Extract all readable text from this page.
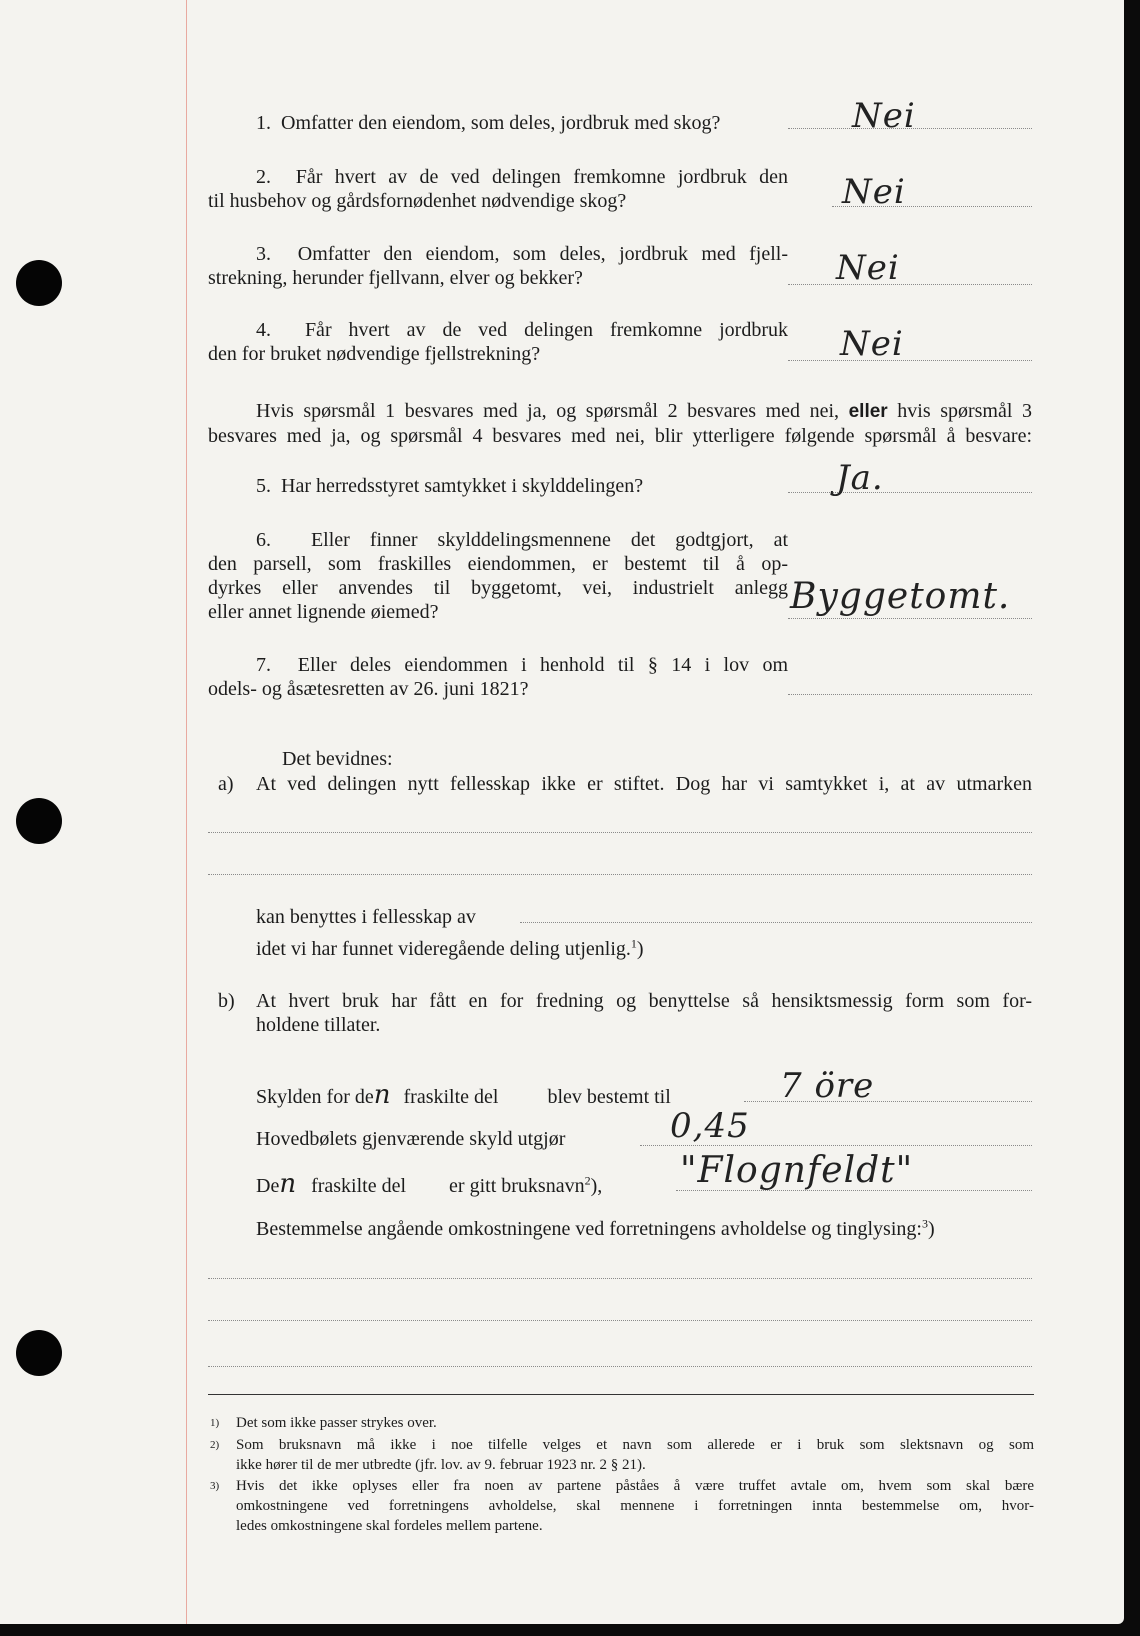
1. Omfatter den eiendom, som deles, jordbruk med skog?	Nei
2. Får hvert av de ved delingen fremkomne jordbruk den
til husbehov og gårdsfornødenhet nødvendige skog?	Nei
3. Omfatter den eiendom, som deles, jordbruk med fjell-
strekning, herunder fjellvann, elver og bekker?	Nei
4. Får hvert av de ved delingen fremkomne jordbruk
den for bruket nødvendige fjellstrekning?	Nei
Hvis spørsmål 1 besvares med ja, og spørsmål 2 besvares med nei, eller hvis spørsmål 3
besvares med ja, og spørsmål 4 besvares med nei, blir ytterligere følgende spørsmål å besvare:
5. Har herredsstyret samtykket i skylddelingen?	Ja.
6. Eller finner skylddelingsmennene det godtgjort, at
den parsell, som fraskilles eiendommen, er bestemt til å op-
dyrkes eller anvendes til byggetomt, vei, industrielt anlegg
eller annet lignende øiemed?	Byggetomt.
7. Eller deles eiendommen i henhold til § 14 i lov om
odels- og åsætesretten av 26. juni 1821?
Det bevidnes:
a) At ved delingen nytt fellesskap ikke er stiftet. Dog har vi samtykket i, at av utmarken
kan benyttes i fellesskap av
idet vi har funnet videregående deling utjenlig.$^1$)
b) At hvert bruk har fått en for fredning og benyttelse så hensiktsmessig form som for-
holdene tillater.
Skylden for den fraskilte del blev bestemt til	7 öre
Hovedbølets gjenværende skyld utgjør	0,45
Den fraskilte del er gitt bruksnavn$^2$), "Flognfeldt"
Bestemmelse angående omkostningene ved forretningens avholdelse og tinglysing:$^3$)
1) Det som ikke passer strykes over.
2) Som bruksnavn må ikke i noe tilfelle velges et navn som allerede er i bruk som slektsnavn og som
ikke hører til de mer utbredte (jfr. lov. av 9. februar 1923 nr. 2 § 21).
3) Hvis det ikke oplyses eller fra noen av partene påståes å være truffet avtale om, hvem som skal bære
omkostningene ved forretningens avholdelse, skal mennene i forretningen innta bestemmelse om, hvor-
ledes omkostningene skal fordeles mellem partene.
